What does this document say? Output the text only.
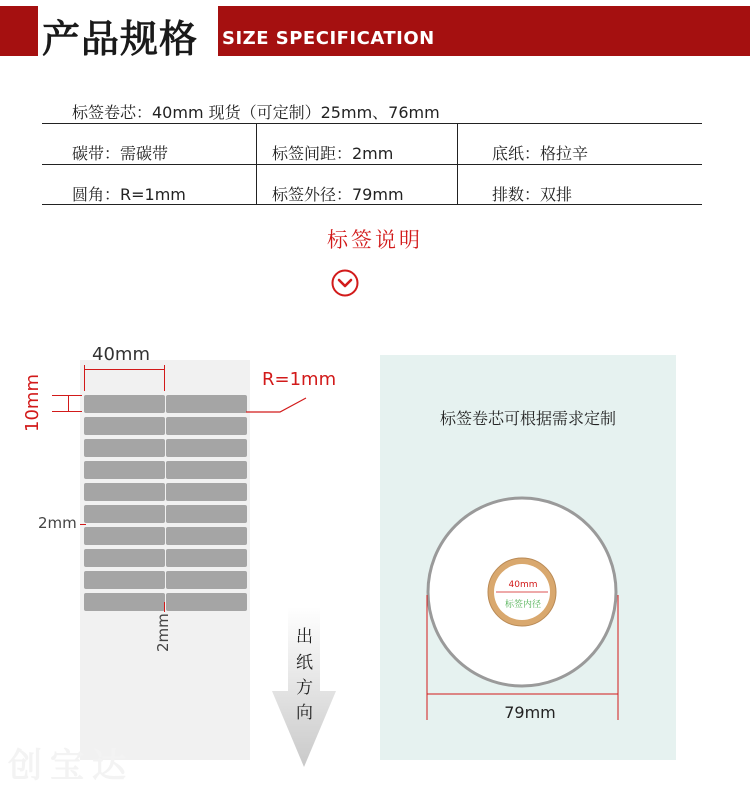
产品规格 SIZE SPECIFICATION
标签卷芯：40mm 现货（可定制）25mm、76mm
碳带：需碳带	标签间距：2mm	底纸：格拉辛
圆角：R=1mm	标签外径：79mm	排数：双排
标签说明
40mm
10mm	R=1mm
2mm
2mm	出
纸
方
向
标签卷芯可根据需求定制
40mm
标签内径
79mm
创宝达
